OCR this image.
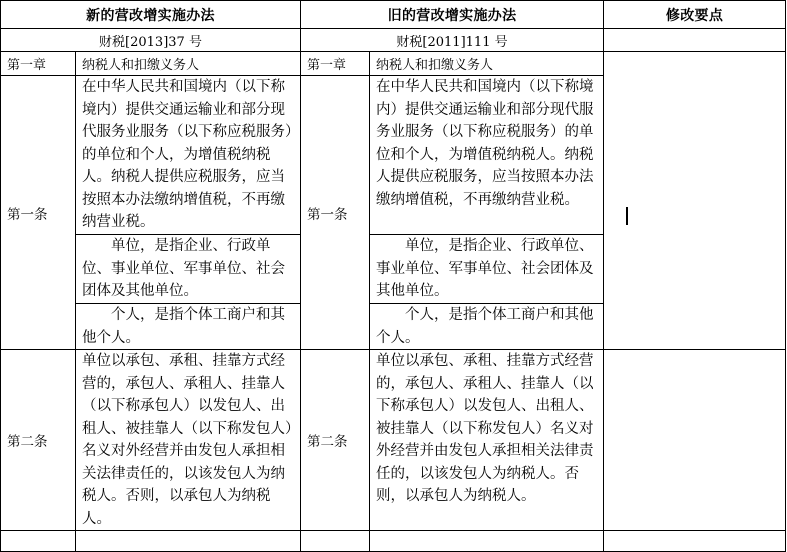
新的营改增实施办法		旧的营改增实施办法		修改要点
财税[2013]37 号		财税[2011]111 号		
第一章	纳税人和扣缴义务人	第一章	纳税人和扣缴义务人	
第一条	在中华人民共和国境内（以下称境内）提供交通运输业和部分现代服务业服务（以下称应税服务）的单位和个人，为增值税纳税人。纳税人提供应税服务，应当按照本办法缴纳增值税，不再缴纳营业税。	第一条	在中华人民共和国境内（以下称境内）提供交通运输业和部分现代服务业服务（以下称应税服务）的单位和个人，为增值税纳税人。纳税人提供应税服务，应当按照本办法缴纳增值税，不再缴纳营业税。	
	单位，是指企业、行政单位、事业单位、军事单位、社会团体及其他单位。		单位，是指企业、行政单位、事业单位、军事单位、社会团体及其他单位。	
	个人，是指个体工商户和其他个人。		个人，是指个体工商户和其他个人。	
第二条	单位以承包、承租、挂靠方式经营的，承包人、承租人、挂靠人（以下称承包人）以发包人、出租人、被挂靠人（以下称发包人）名义对外经营并由发包人承担相关法律责任的，以该发包人为纳税人。否则，以承包人为纳税人。	第二条	单位以承包、承租、挂靠方式经营的，承包人、承租人、挂靠人（以下称承包人）以发包人、出租人、被挂靠人（以下称发包人）名义对外经营并由发包人承担相关法律责任的，以该发包人为纳税人。否则，以承包人为纳税人。	
